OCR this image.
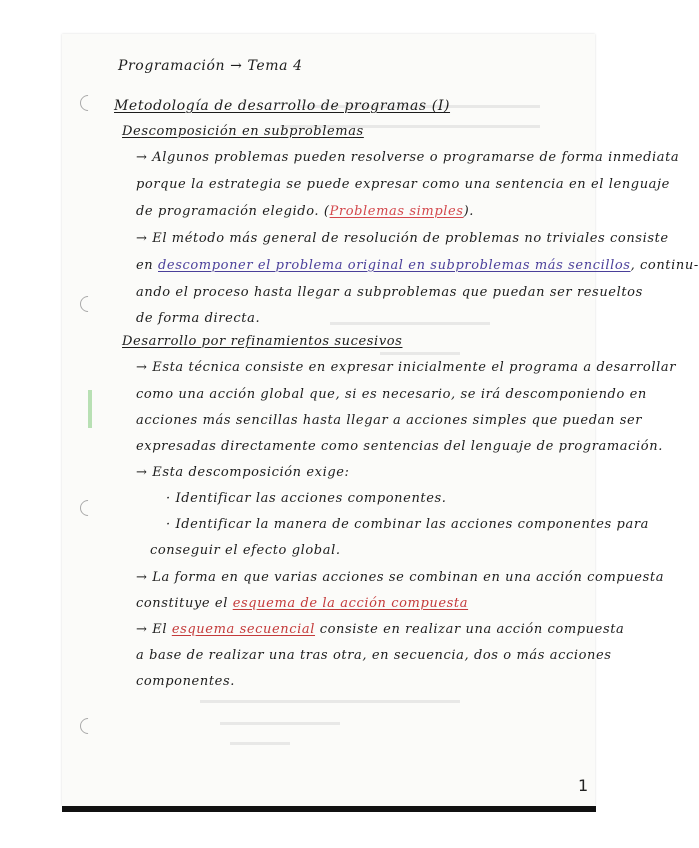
Programación → Tema 4
Metodología de desarrollo de programas (I)
Descomposición en subproblemas
→ Algunos problemas pueden resolverse o programarse de forma inmediata
porque la estrategia se puede expresar como una sentencia en el lenguaje
de programación elegido. (Problemas simples).
→ El método más general de resolución de problemas no triviales consiste
en descomponer el problema original en subproblemas más sencillos, continu-
ando el proceso hasta llegar a subproblemas que puedan ser resueltos
de forma directa.
Desarrollo por refinamientos sucesivos
→ Esta técnica consiste en expresar inicialmente el programa a desarrollar
como una acción global que, si es necesario, se irá descomponiendo en
acciones más sencillas hasta llegar a acciones simples que puedan ser
expresadas directamente como sentencias del lenguaje de programación.
→ Esta descomposición exige:
· Identificar las acciones componentes.
· Identificar la manera de combinar las acciones componentes para
conseguir el efecto global.
→ La forma en que varias acciones se combinan en una acción compuesta
constituye el esquema de la acción compuesta
→ El esquema secuencial consiste en realizar una acción compuesta
a base de realizar una tras otra, en secuencia, dos o más acciones
componentes.
1
